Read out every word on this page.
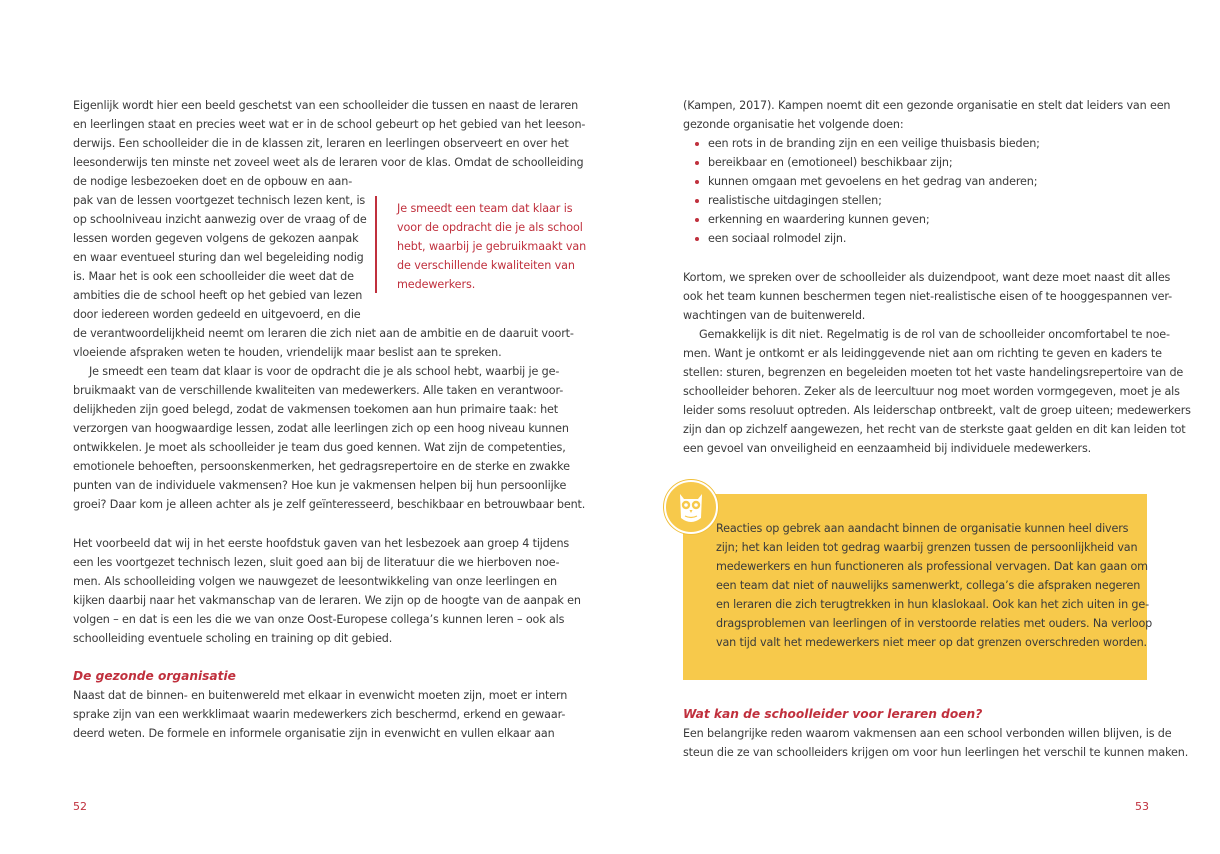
Eigenlijk wordt hier een beeld geschetst van een schoolleider die tussen en naast de leraren
en leerlingen staat en precies weet wat er in de school gebeurt op het gebied van het leeson-
derwijs. Een schoolleider die in de klassen zit, leraren en leerlingen observeert en over het
leesonderwijs ten minste net zoveel weet als de leraren voor de klas. Omdat de schoolleiding
de nodige lesbezoeken doet en de opbouw en aan-
pak van de lessen voortgezet technisch lezen kent, is
op schoolniveau inzicht aanwezig over de vraag of de
lessen worden gegeven volgens de gekozen aanpak
en waar eventueel sturing dan wel begeleiding nodig
is. Maar het is ook een schoolleider die weet dat de
ambities die de school heeft op het gebied van lezen
door iedereen worden gedeeld en uitgevoerd, en die
de verantwoordelijkheid neemt om leraren die zich niet aan de ambitie en de daaruit voort-
vloeiende afspraken weten te houden, vriendelijk maar beslist aan te spreken.
Je smeedt een team dat klaar is
voor de opdracht die je als school
hebt, waarbij je gebruikmaakt van
de verschillende kwaliteiten van
medewerkers.
Je smeedt een team dat klaar is voor de opdracht die je als school hebt, waarbij je ge-
bruikmaakt van de verschillende kwaliteiten van medewerkers. Alle taken en verantwoor-
delijkheden zijn goed belegd, zodat de vakmensen toekomen aan hun primaire taak: het
verzorgen van hoogwaardige lessen, zodat alle leerlingen zich op een hoog niveau kunnen
ontwikkelen. Je moet als schoolleider je team dus goed kennen. Wat zijn de competenties,
emotionele behoeften, persoonskenmerken, het gedragsrepertoire en de sterke en zwakke
punten van de individuele vakmensen? Hoe kun je vakmensen helpen bij hun persoonlijke
groei? Daar kom je alleen achter als je zelf geïnteresseerd, beschikbaar en betrouwbaar bent.
Het voorbeeld dat wij in het eerste hoofdstuk gaven van het lesbezoek aan groep 4 tijdens
een les voortgezet technisch lezen, sluit goed aan bij de literatuur die we hierboven noe-
men. Als schoolleiding volgen we nauwgezet de leesontwikkeling van onze leerlingen en
kijken daarbij naar het vakmanschap van de leraren. We zijn op de hoogte van de aanpak en
volgen – en dat is een les die we van onze Oost-Europese collega’s kunnen leren – ook als
schoolleiding eventuele scholing en training op dit gebied.
De gezonde organisatie
Naast dat de binnen- en buitenwereld met elkaar in evenwicht moeten zijn, moet er intern
sprake zijn van een werkklimaat waarin medewerkers zich beschermd, erkend en gewaar-
deerd weten. De formele en informele organisatie zijn in evenwicht en vullen elkaar aan
52
(Kampen, 2017). Kampen noemt dit een gezonde organisatie en stelt dat leiders van een
gezonde organisatie het volgende doen:
een rots in de branding zijn en een veilige thuisbasis bieden;
bereikbaar en (emotioneel) beschikbaar zijn;
kunnen omgaan met gevoelens en het gedrag van anderen;
realistische uitdagingen stellen;
erkenning en waardering kunnen geven;
een sociaal rolmodel zijn.
Kortom, we spreken over de schoolleider als duizendpoot, want deze moet naast dit alles
ook het team kunnen beschermen tegen niet-realistische eisen of te hooggespannen ver-
wachtingen van de buitenwereld.
Gemakkelijk is dit niet. Regelmatig is de rol van de schoolleider oncomfortabel te noe-
men. Want je ontkomt er als leidinggevende niet aan om richting te geven en kaders te
stellen: sturen, begrenzen en begeleiden moeten tot het vaste handelingsrepertoire van de
schoolleider behoren. Zeker als de leercultuur nog moet worden vormgegeven, moet je als
leider soms resoluut optreden. Als leiderschap ontbreekt, valt de groep uiteen; medewerkers
zijn dan op zichzelf aangewezen, het recht van de sterkste gaat gelden en dit kan leiden tot
een gevoel van onveiligheid en eenzaamheid bij individuele medewerkers.
Reacties op gebrek aan aandacht binnen de organisatie kunnen heel divers
zijn; het kan leiden tot gedrag waarbij grenzen tussen de persoonlijkheid van
medewerkers en hun functioneren als professional vervagen. Dat kan gaan om
een team dat niet of nauwelijks samenwerkt, collega’s die afspraken negeren
en leraren die zich terugtrekken in hun klaslokaal. Ook kan het zich uiten in ge-
dragsproblemen van leerlingen of in verstoorde relaties met ouders. Na verloop
van tijd valt het medewerkers niet meer op dat grenzen overschreden worden.
Wat kan de schoolleider voor leraren doen?
Een belangrijke reden waarom vakmensen aan een school verbonden willen blijven, is de
steun die ze van schoolleiders krijgen om voor hun leerlingen het verschil te kunnen maken.
53
